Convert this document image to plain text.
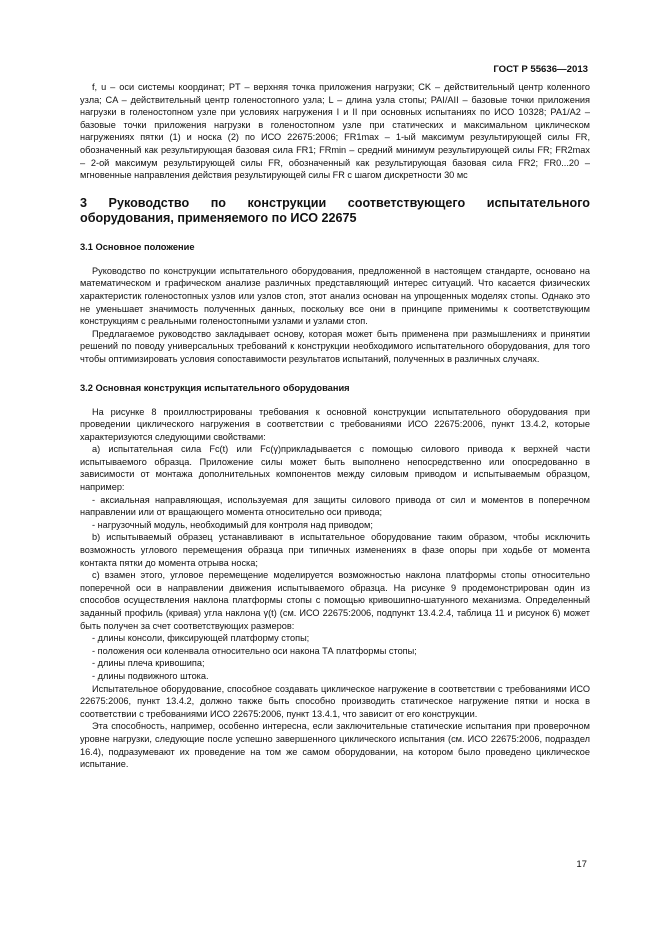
ГОСТ Р 55636—2013

f, u – оси системы координат; PT – верхняя точка приложения нагрузки; CK – действительный центр коленного узла; CA – действительный центр голеностопного узла; L – длина узла стопы; PAI/AII – базовые точки приложения нагрузки в голеностопном узле при условиях нагружения I и II при основных испытаниях по ИСО 10328; PA1/A2 – базовые точки приложения нагрузки в голеностопном узле при статических и максимальном циклическом нагружениях пятки (1) и носка (2) по ИСО 22675:2006; FR1max – 1-ый максимум результирующей силы FR, обозначенный как результирующая базовая сила FR1; FRmin – средний минимум результирующей силы FR; FR2max – 2-ой максимум результирующей силы FR, обозначенный как результирующая базовая сила FR2; FR0...20 – мгновенные направления действия результирующей силы FR с шагом дискретности 30 мс

3 Руководство по конструкции соответствующего испытательного оборудования, применяемого по ИСО 22675
3.1 Основное положение

Руководство по конструкции испытательного оборудования, предложенной в настоящем стандарте, основано на математическом и графическом анализе различных представляющий интерес ситуаций. Что касается физических характеристик голеностопных узлов или узлов стоп, этот анализ основан на упрощенных моделях стопы. Однако это не уменьшает значимость полученных данных, поскольку все они в принципе применимы к соответствующим конструкциям с реальными голеностопными узлами и узлами стоп.

Предлагаемое руководство закладывает основу, которая может быть применена при размышлениях и принятии решений по поводу универсальных требований к конструкции необходимого испытательного оборудования, для того чтобы оптимизировать условия сопоставимости результатов испытаний, полученных в различных случаях.

3.2 Основная конструкция испытательного оборудования

На рисунке 8 проиллюстрированы требования к основной конструкции испытательного оборудования при проведении циклического нагружения в соответствии с требованиями ИСО 22675:2006, пункт 13.4.2, которые характеризуются следующими свойствами:

а) испытательная сила Fc(t) или Fc(γ)прикладывается с помощью силового привода к верхней части испытываемого образца. Приложение силы может быть выполнено непосредственно или опосредованно в зависимости от монтажа дополнительных компонентов между силовым приводом и испытываемым образцом, например:

- аксиальная направляющая, используемая для защиты силового привода от сил и моментов в поперечном направлении или от вращающего момента относительно оси привода;

- нагрузочный модуль, необходимый для контроля над приводом;

b) испытываемый образец устанавливают в испытательное оборудование таким образом, чтобы исключить возможность углового перемещения образца при типичных изменениях в фазе опоры при ходьбе от момента контакта пятки до момента отрыва носка;

с) взамен этого, угловое перемещение моделируется возможностью наклона платформы стопы относительно поперечной оси в направлении движения испытываемого образца. На рисунке 9 продемонстрирован один из способов осуществления наклона платформы стопы с помощью кривошипно-шатунного механизма. Определенный заданный профиль (кривая) угла наклона γ(t) (см. ИСО 22675:2006, подпункт 13.4.2.4, таблица 11 и рисунок 6) может быть получен за счет соответствующих размеров:

- длины консоли, фиксирующей платформу стопы;

- положения оси коленвала относительно оси накона ТА платформы стопы;

- длины плеча кривошипа;

- длины подвижного штока.

Испытательное оборудование, способное создавать циклическое нагружение в соответствии с требованиями ИСО 22675:2006, пункт 13.4.2, должно также быть способно производить статическое нагружение пятки и носка в соответствии с требованиями ИСО 22675:2006, пункт 13.4.1, что зависит от его конструкции.

Эта способность, например, особенно интересна, если заключительные статические испытания при проверочном уровне нагрузки, следующие после успешно завершенного циклического испытания (см. ИСО 22675:2006, подраздел 16.4), подразумевают их проведение на том же самом оборудовании, на котором было проведено циклическое испытание.

17
